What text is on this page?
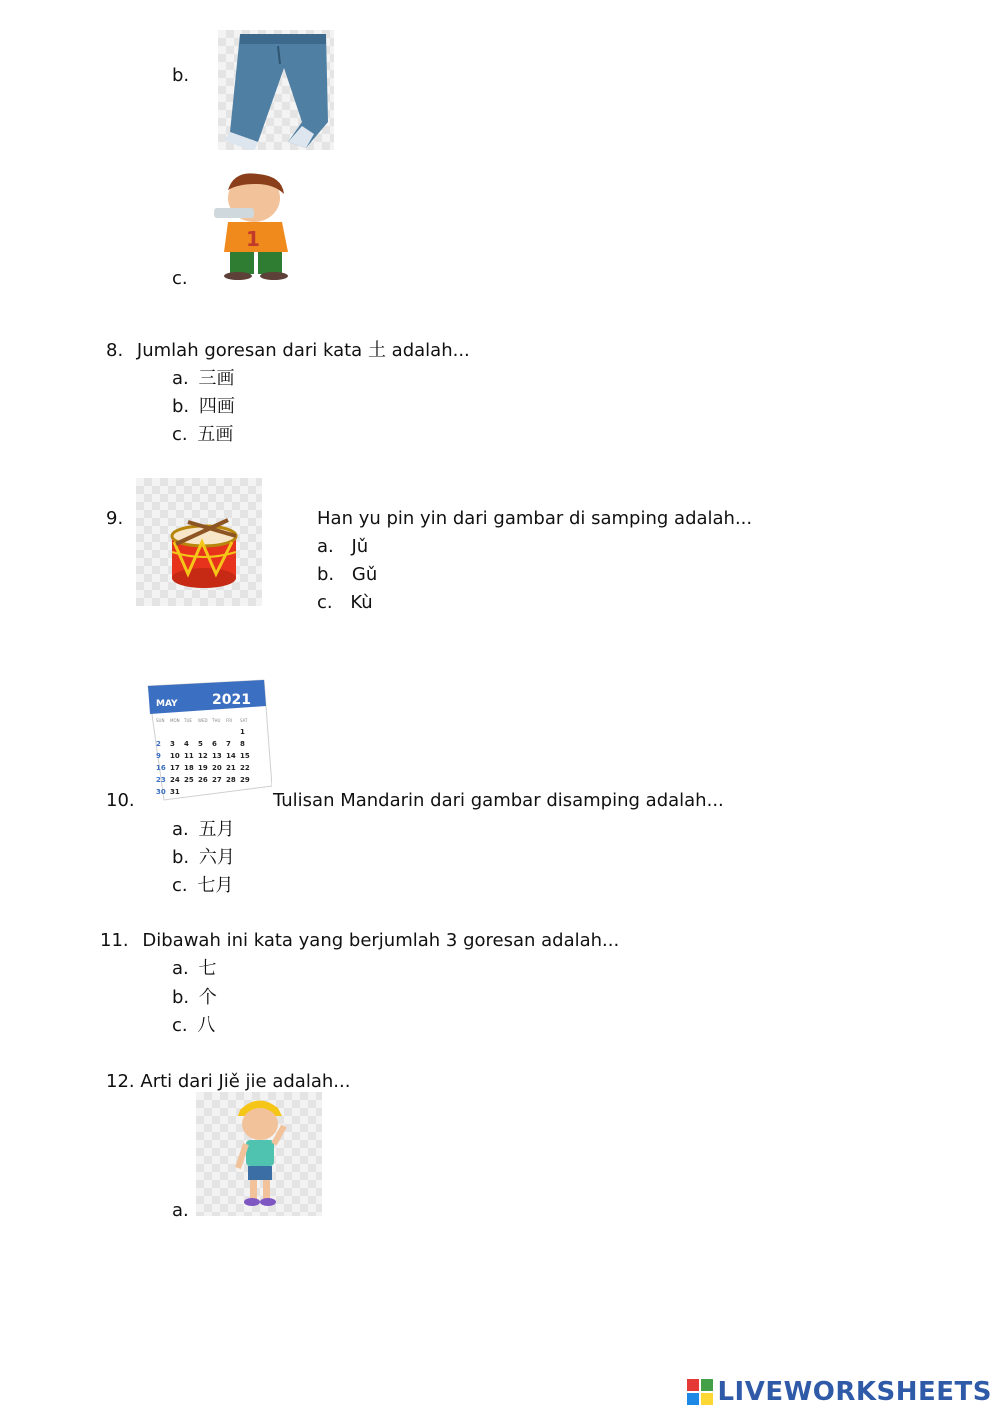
b.
c.
1
8. Jumlah goresan dari kata 土 adalah...
a. 三画
b. 四画
c. 五画
9.	Han yu pin yin dari gambar di samping adalah...
a. Jǔ
b. Gǔ
c. Kù
10.
MAY 2021
SUN MON TUE WED THU FRI SAT
1
2 3 4 5 6 7 8
9 10 11 12 13 14 15
16 17 18 19 20 21 22
23 24 25 26 27 28 29
30 31	Tulisan Mandarin dari gambar disamping adalah...
a. 五月
b. 六月
c. 七月
11. Dibawah ini kata yang berjumlah 3 goresan adalah...
a. 七
b. 个
c. 八
12. Arti dari Jiě jie adalah...
a.
LIVEWORKSHEETS
